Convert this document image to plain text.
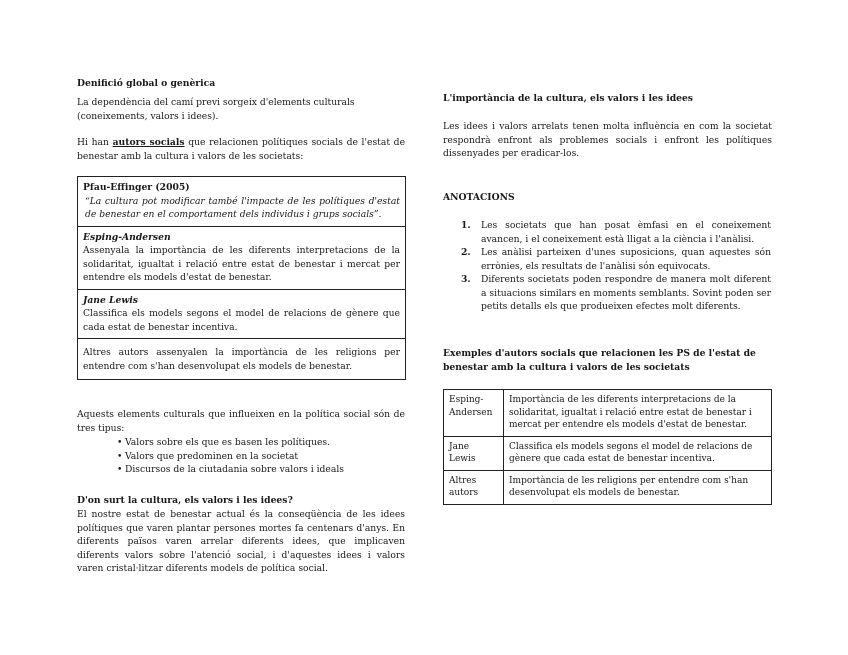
Denifició global o genèrica
La dependència del camí previ sorgeix d'elements culturals (coneixements, valors i idees).
Hi han autors socials que relacionen polítiques socials de l'estat de benestar amb la cultura i valors de les societats:
Pfau-Effinger (2005)
“La cultura pot modificar també l'impacte de les polítiques d'estat de benestar en el comportament dels individus i grups socials”.
Esping-Andersen
Assenyala la importància de les diferents interpretacions de la solidaritat, igualtat i relació entre estat de benestar i mercat per entendre els models d'estat de benestar.
Jane Lewis
Classifica els models segons el model de relacions de gènere que cada estat de benestar incentiva.
Altres autors assenyalen la importància de les religions per entendre com s'han desenvolupat els models de benestar.
Aquests elements culturals que influeixen en la política social són de tres tipus:
• Valors sobre els que es basen les polítiques.
• Valors que predominen en la societat
• Discursos de la ciutadania sobre valors i ideals
D'on surt la cultura, els valors i les idees?
El nostre estat de benestar actual és la conseqüència de les idees polítiques que varen plantar persones mortes fa centenars d'anys. En diferents països varen arrelar diferents idees, que implicaven diferents valors sobre l'atenció social, i d'aquestes idees i valors varen cristal·litzar diferents models de política social.
L'importància de la cultura, els valors i les idees
Les idees i valors arrelats tenen molta influència en com la societat respondrà enfront als problemes socials i enfront les polítiques dissenyades per eradicar-los.
ANOTACIONS
1. Les societats que han posat èmfasi en el coneixement avancen, i el coneixement està lligat a la ciència i l'anàlisi.
2. Les anàlisi parteixen d'unes suposicions, quan aquestes són errònies, els resultats de l'anàlisi són equivocats.
3. Diferents societats poden respondre de manera molt diferent a situacions similars en moments semblants. Sovint poden ser petits detalls els que produeixen efectes molt diferents.
Exemples d'autors socials que relacionen les PS de l'estat de benestar amb la cultura i valors de les societats
Esping-Andersen	Importància de les diferents interpretacions de la solidaritat, igualtat i relació entre estat de benestar i mercat per entendre els models d'estat de benestar.
Jane Lewis	Classifica els models segons el model de relacions de gènere que cada estat de benestar incentiva.
Altres autors	Importància de les religions per entendre com s'han desenvolupat els models de benestar.
